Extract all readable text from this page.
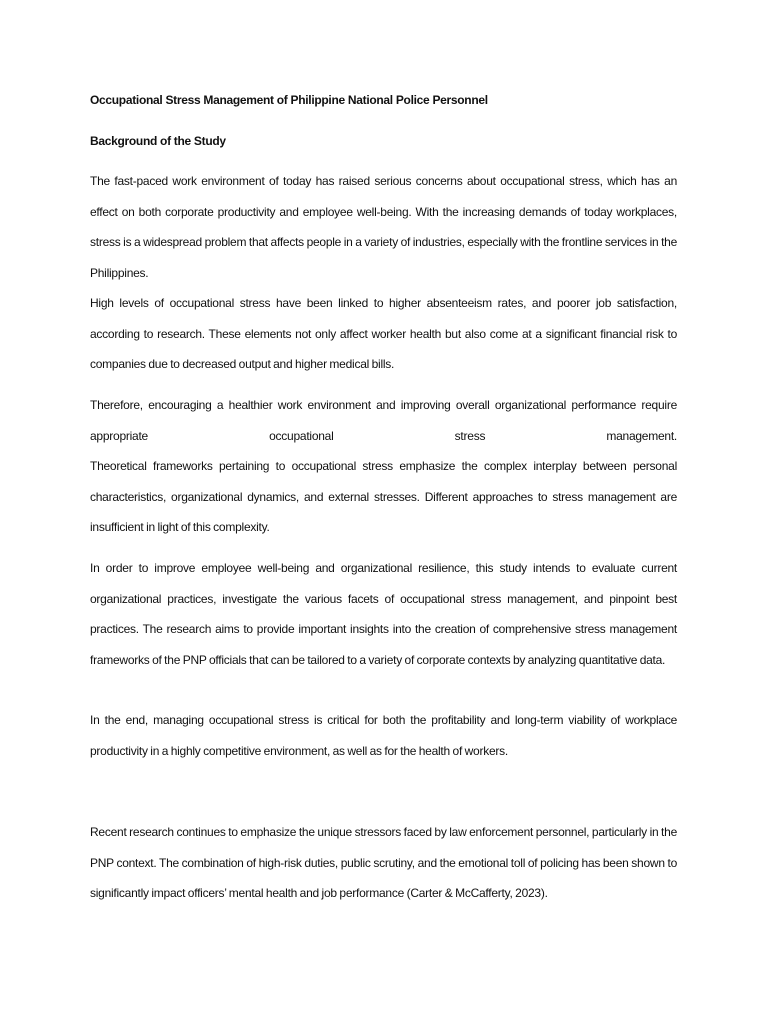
Occupational Stress Management of Philippine National Police Personnel
Background of the Study

The fast-paced work environment of today has raised serious concerns about occupational stress, which has an effect on both corporate productivity and employee well-being. With the increasing demands of today workplaces, stress is a widespread problem that affects people in a variety of industries, especially with the frontline services in the Philippines.

High levels of occupational stress have been linked to higher absenteeism rates, and poorer job satisfaction, according to research. These elements not only affect worker health but also come at a significant financial risk to companies due to decreased output and higher medical bills.

Therefore, encouraging a healthier work environment and improving overall organizational performance require appropriate occupational stress management.

Theoretical frameworks pertaining to occupational stress emphasize the complex interplay between personal characteristics, organizational dynamics, and external stresses. Different approaches to stress management are insufficient in light of this complexity.

In order to improve employee well-being and organizational resilience, this study intends to evaluate current organizational practices, investigate the various facets of occupational stress management, and pinpoint best practices. The research aims to provide important insights into the creation of comprehensive stress management frameworks of the PNP officials that can be tailored to a variety of corporate contexts by analyzing quantitative data.

In the end, managing occupational stress is critical for both the profitability and long-term viability of workplace productivity in a highly competitive environment, as well as for the health of workers.

Recent research continues to emphasize the unique stressors faced by law enforcement personnel, particularly in the PNP context. The combination of high-risk duties, public scrutiny, and the emotional toll of policing has been shown to significantly impact officers’ mental health and job performance (Carter & McCafferty, 2023).
